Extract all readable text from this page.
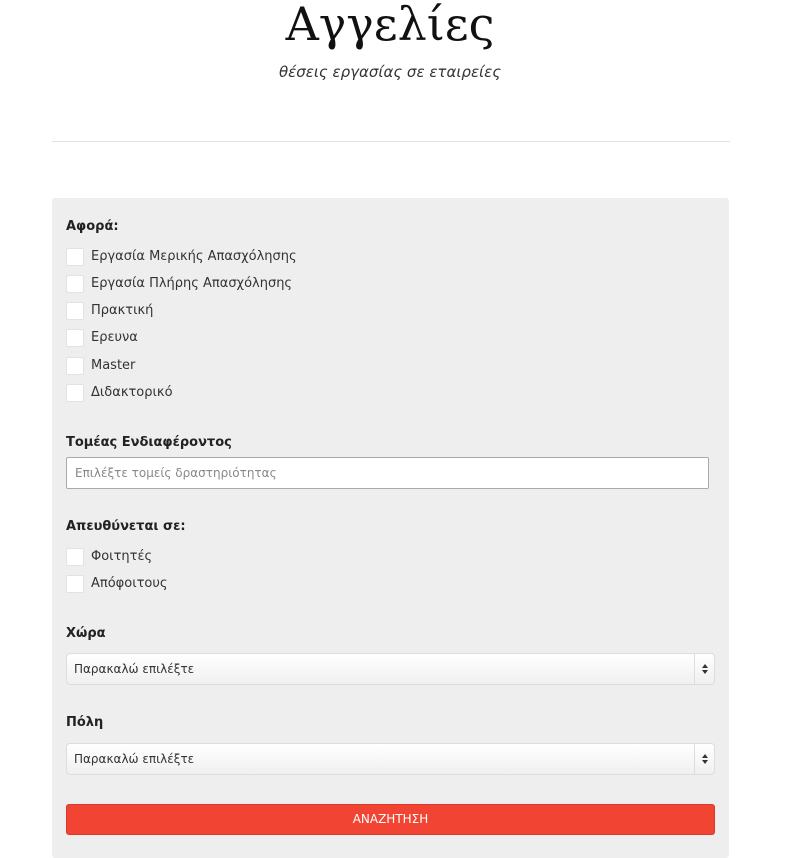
Αγγελίες
θέσεις εργασίας σε εταιρείες
Αφορά:
Εργασία Μερικής Απασχόλησης
Εργασία Πλήρης Απασχόλησης
Πρακτική
Ερευνα
Master
Διδακτορικό
Τομέας Ενδιαφέροντος
Επιλέξτε τομείς δραστηριότητας
Απευθύνεται σε:
Φοιτητές
Απόφοιτους
Χώρα
Παρακαλώ επιλέξτε
Πόλη
Παρακαλώ επιλέξτε
ΑΝΑΖΗΤΗΣΗ
